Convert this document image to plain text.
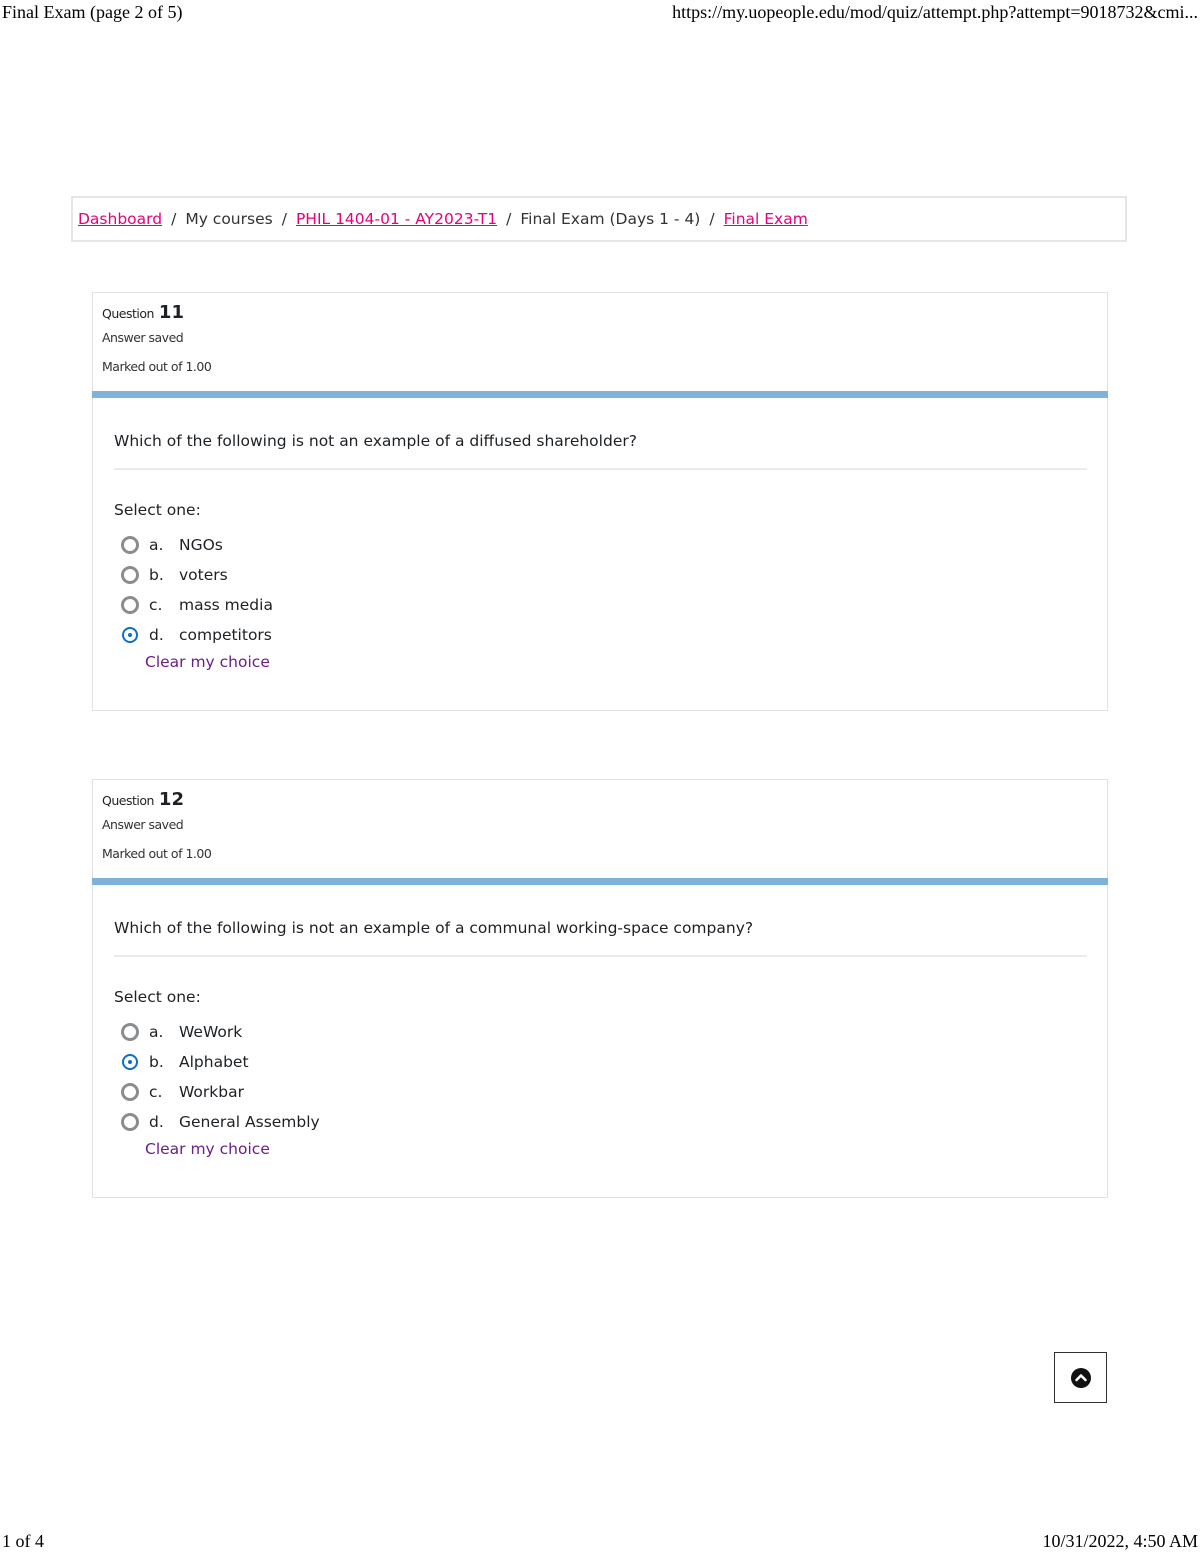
Final Exam (page 2 of 5)	https://my.uopeople.edu/mod/quiz/attempt.php?attempt=9018732&cmi...
Dashboard / My courses / PHIL 1404-01 - AY2023-T1 / Final Exam (Days 1 - 4) / Final Exam
Question 11
Answer saved
Marked out of 1.00
Which of the following is not an example of a diffused shareholder?
Select one:
a.	NGOs
b. voters
c.	mass media
d. competitors
Clear my choice
Question 12
Answer saved
Marked out of 1.00
Which of the following is not an example of a communal working-space company?
Select one:
a.	WeWork
b. Alphabet
c.	Workbar
d. General Assembly
Clear my choice
1 of 4	10/31/2022, 4:50 AM
